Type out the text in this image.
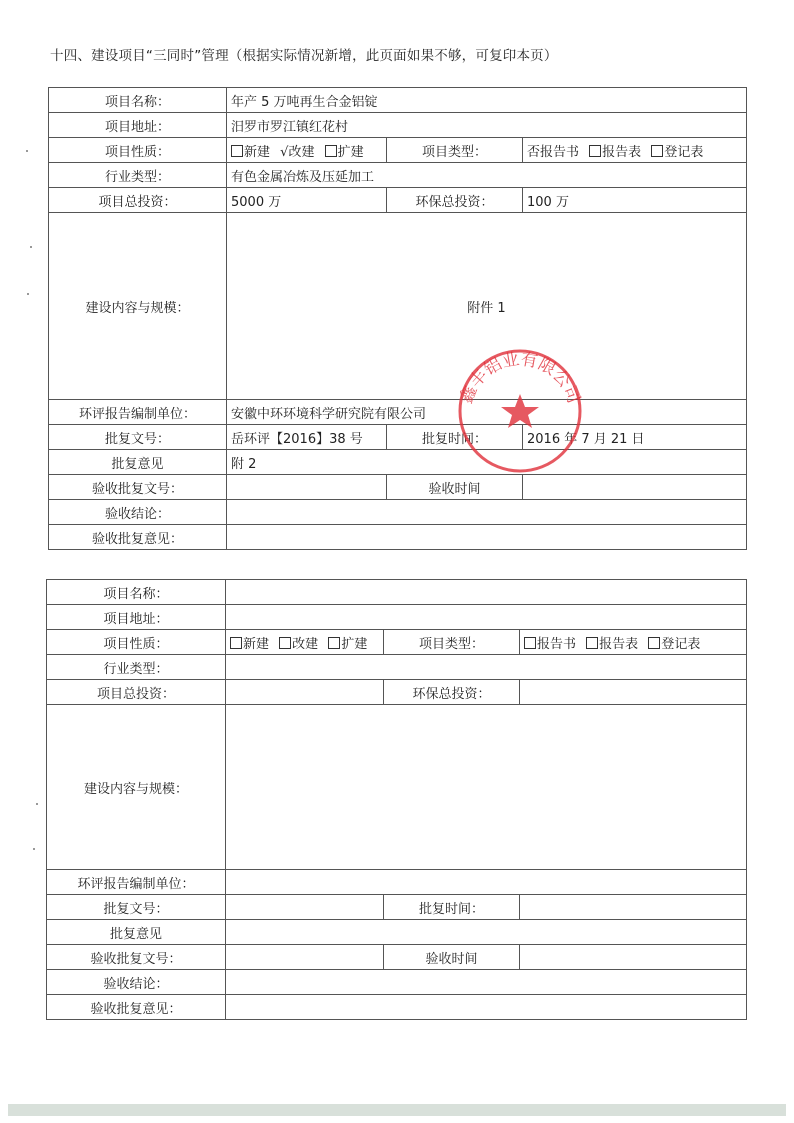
十四、建设项目“三同时”管理（根据实际情况新增，此页面如果不够，可复印本页）
项目名称：	年产 5 万吨再生合金铝锭		
项目地址：	汨罗市罗江镇红花村		
项目性质：	新建 √改建 扩建	项目类型：	否报告书 报告表 登记表
行业类型：	有色金属冶炼及压延加工		
项目总投资：	5000 万	环保总投资：	100 万
建设内容与规模：	附件 1		
环评报告编制单位：	安徽中环环境科学研究院有限公司		
批复文号：	岳环评【2016】38 号	批复时间：	2016 年 7 月 21 日
批复意见	附 2		
验收批复文号：		验收时间	
验收结论：			
验收批复意见：			
鑫丰铝业有限公司
项目名称：			
项目地址：			
项目性质：	新建 改建 扩建	项目类型：	报告书 报告表 登记表
行业类型：			
项目总投资：		环保总投资：	
建设内容与规模：			
环评报告编制单位：			
批复文号：		批复时间：	
批复意见			
验收批复文号：		验收时间	
验收结论：			
验收批复意见：			
